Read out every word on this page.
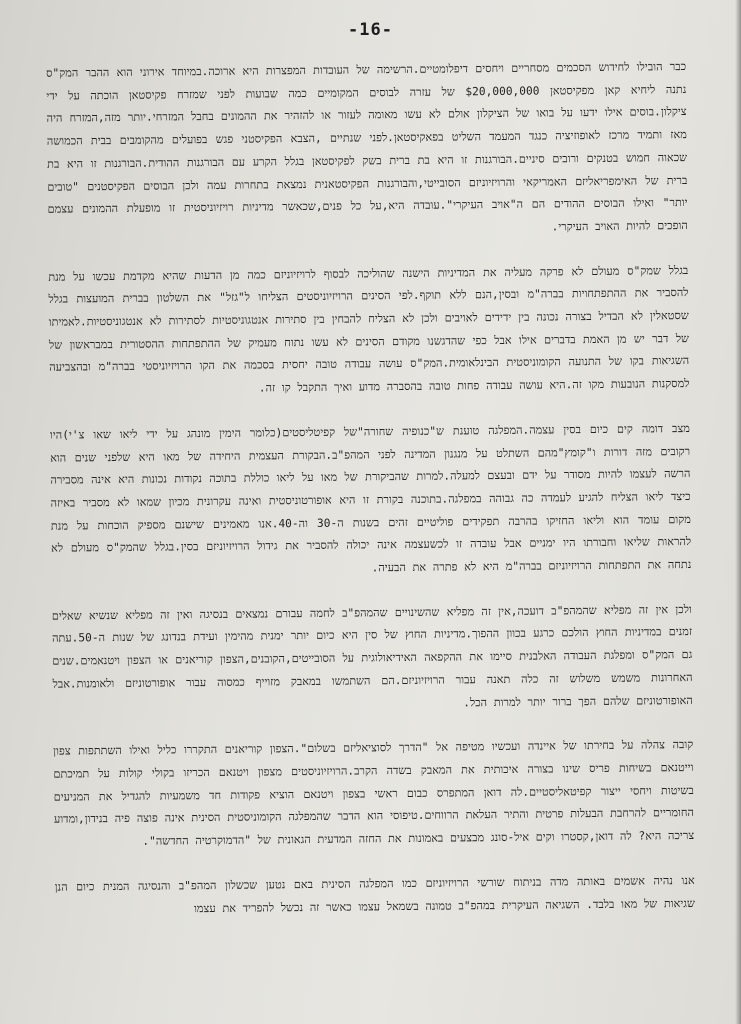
-16-

כבר הובילו לחידוש הסכמים מסחריים ויחסים דיפלומטיים.הרשימה של העובדות המפצרות היא ארוכה.במיוחד אירוני הוא ההבר המק"ס נתנה ליחיא קאן מפקיסטאן $20,000,000 של עזרה לבוסים המקומיים כמה שבועות לפני שמזרח פקיסטאן הוכתה על ידי ציקלון.בוסים אילו ידעו על בואו של הציקלון אולם לא עשו מאומה לעזור או להזהיר את ההמונים בחבל המזרחי.יותר מזה,המזרח היה מאז ותמיד מרכז לאופוזיציה כנגד המעמד השליט בפאקיסטאן.לפני שנתיים ,הצבא הפקיסטני פגש בפועלים מהקומבים בבית הכמושה שכאוה חמוש בטנקים ורובים סיניים.הבורגנות זו היא בת ברית בשק לפקיסטאן בגלל הקרע עם הבורגנות ההודית.הבורגנות זו היא בת ברית של האימפריאליזם האמריקאי והרויזיוניזם הסובייטי,והבורגנות הפקיסטאנית נמצאת בתחרות עמה ולכן הבוסים הפקיסטנים "טובים יותר" ואילו הבוסים ההודים הם ה"אויב העיקרי".עובדה היא,על כל פנים,שכאשר מדיניות רויזיוניסטית זו מופעלת ההמונים עצמם הופכים להיות האויב העיקרי.

בגלל שמק"ס מעולם לא פרקה מעליה את המדיניות הישנה שהוליכה לבסוף לרויזיוניזם כמה מן הדעות שהיא מקדמת עכשו על מנת להסביר את ההתפתחויות בברה"מ ובסין,הנם ללא תוקף.לפי הסינים הרויזיוניסטים הצליחו ל"גזל" את השלטון בברית המועצות בגלל שסטאלין לא הבדיל בצורה נכונה בין ידידים לאויבים ולכן לא הצליח להבחין בין סתירות אנטגוניסטיות לסתירות לא אנטגוניסטיות.לאמיתו של דבר יש מן האמת בדברים אילו אבל כפי שהדגשנו מקודם הסינים לא עשו נתוח מעמיק של ההתפתחות ההסטורית במבראשון של השגיאות בקו של התנועה הקומוניסטית הבינלאומית.המק"ס עושה עבודה טובה יחסית בסכמה את הקו הרויזיוניסטי בברה"מ ובהצביעה למסקנות הנובעות מקו זה.היא עושה עבודה פחות טובה בהסברה מדוע ואיך התקבל קו זה.

מצב דומה קים כיום בסין עצמה.המפלגה טוענת ש"כנופיה שחורה"של קפיטליסטים(כלומר הימין מונהג על ידי ליאו שאו צ'י)היו רקובים מזה דורות ו"קומץ"מהם השתלט על מנגנון המדינה לפני המהפ"ב.הבקורת העצמית היחידה של מאו היא שלפני שנים הוא הרשה לעצמו להיות מסודר על ידם ובעצם למעלה.למרות שהביקורת של מאו על ליאו כוללת בתוכה נקודות נכונות היא אינה מסבירה כיצד ליאו הצליח להגיע לעמדה כה גבוהה במפלגה.בתוכנה בקורת זו היא אופורטוניסטית ואינה עקרונית מכיון שמאו לא מסביר באיזה מקום עומד הוא וליאו החזיקו בהרבה תפקידים פוליטיים זהים בשנות ה-30 וה-40.אנו מאמינים שישנם מספיק הוכחות על מנת להראות שליאו וחבורתו היו ימניים אבל עובדה זו לכשעצמה אינה יכולה להסביר את גידול הרויזיוניזם בסין.בגלל שהמק"ס מעולם לא נתחה את התפתחות הרויזיוניזם בברה"מ היא לא פתרה את הבעיה.

ולכן אין זה מפליא שהמהפ"ב דועכה,אין זה מפליא שהשינויים שהמהפ"ב לחמה עבורם נמצאים בנסיגה ואין זה מפליא שנשיא שאלים זמנים במדיניות החוץ הולכם כרגע בכוון ההפוך.מדיניות החוץ של סין היא כיום יותר ימנית מהימין ועידת בנדונג של שנות ה-50.עתה גם המק"ס ומפלגת העבודה האלבנית סיימו את ההקפאה האידיאולוגית על הסובייטים,הקובנים,הצפון קוריאנים או הצפון ויטנאמים.שנים האחרונות משמש משלוש זה כלה תאנה עבור הרויזיוניזם.הם השתמשו במאבק מזוייף כמסוה עבור אופורטוניזם ולאומנות.אבל האופורטוניזם שלהם הפך ברור יותר למרות הכל.

קובה צהלה על בחירתו של איינדה ועכשיו מטיפה אל "הדרך לסוציאליזם בשלום".הצפון קוריאנים התקררו כליל ואילו השתתפות צפון וייטנאם בשיחות פריס שינו בצורה איכותית את המאבק בשדה הקרב.הרויזיוניסטים מצפון ויטנאם הכריזו בקולי קולות על תמיכתם בשיטות ויחסי ייצור קפיטאליסטיים.לה דואן המתפרס כבום ראשי בצפון ויטנאם הוציא פקודות חד משמעיות להגדיל את המניעים החומריים להרחבת הבעלות פרטית והתיר העלאת הרווחים.טיפוסי הוא הדבר שהמפלגה הקומוניסטית הסינית אינה פוצה פיה בנידון,ומדוע צריכה היא? לה דואן,קסטרו וקים איל-סונג מבצעים באמונות את החזה המדעית הגאונית של "הדמוקרטיה החדשה".

אנו נהיה אשמים באותה מדה בניתוח שורשי הרויזיוניזם כמו המפלגה הסינית באם נטען שכשלון המהפ"ב והנסיגה המנית כיום הנן שגיאות של מאו בלבד. השגיאה העיקרית במהפ"ב טמונה בשמאל עצמו כאשר זה נכשל להפריד את עצמו
